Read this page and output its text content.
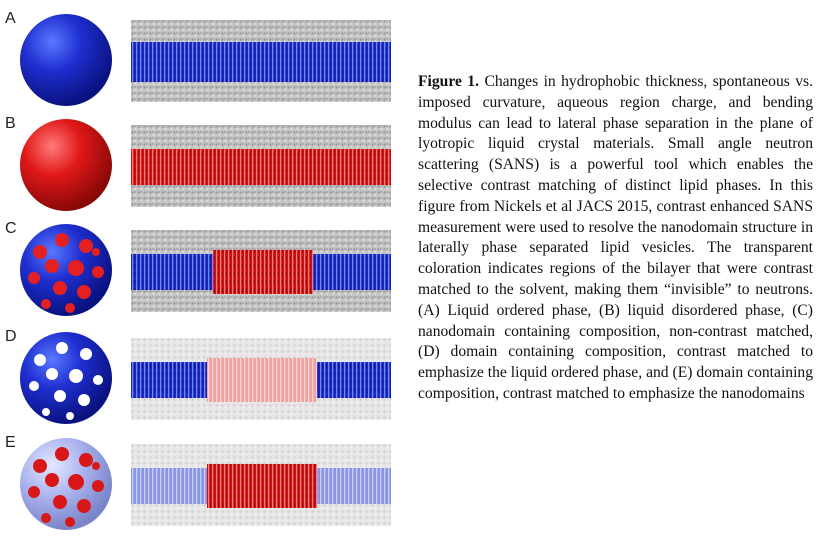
A
B
C
D
E
Figure 1. Changes in hydrophobic thickness, spontaneous vs. imposed curvature, aqueous region charge, and bending modulus can lead to lateral phase separation in the plane of lyotropic liquid crystal materials. Small angle neutron scattering (SANS) is a powerful tool which enables the selective contrast matching of distinct lipid phases. In this figure from Nickels et al JACS 2015, contrast enhanced SANS measurement were used to resolve the nanodomain structure in laterally phase separated lipid vesicles. The transparent coloration indicates regions of the bilayer that were contrast matched to the solvent, making them “invisible” to neutrons. (A) Liquid ordered phase, (B) liquid disordered phase, (C) nanodomain containing composition, non-contrast matched, (D) domain containing composition, contrast matched to emphasize the liquid ordered phase, and (E) domain containing composition, contrast matched to emphasize the nanodomains
